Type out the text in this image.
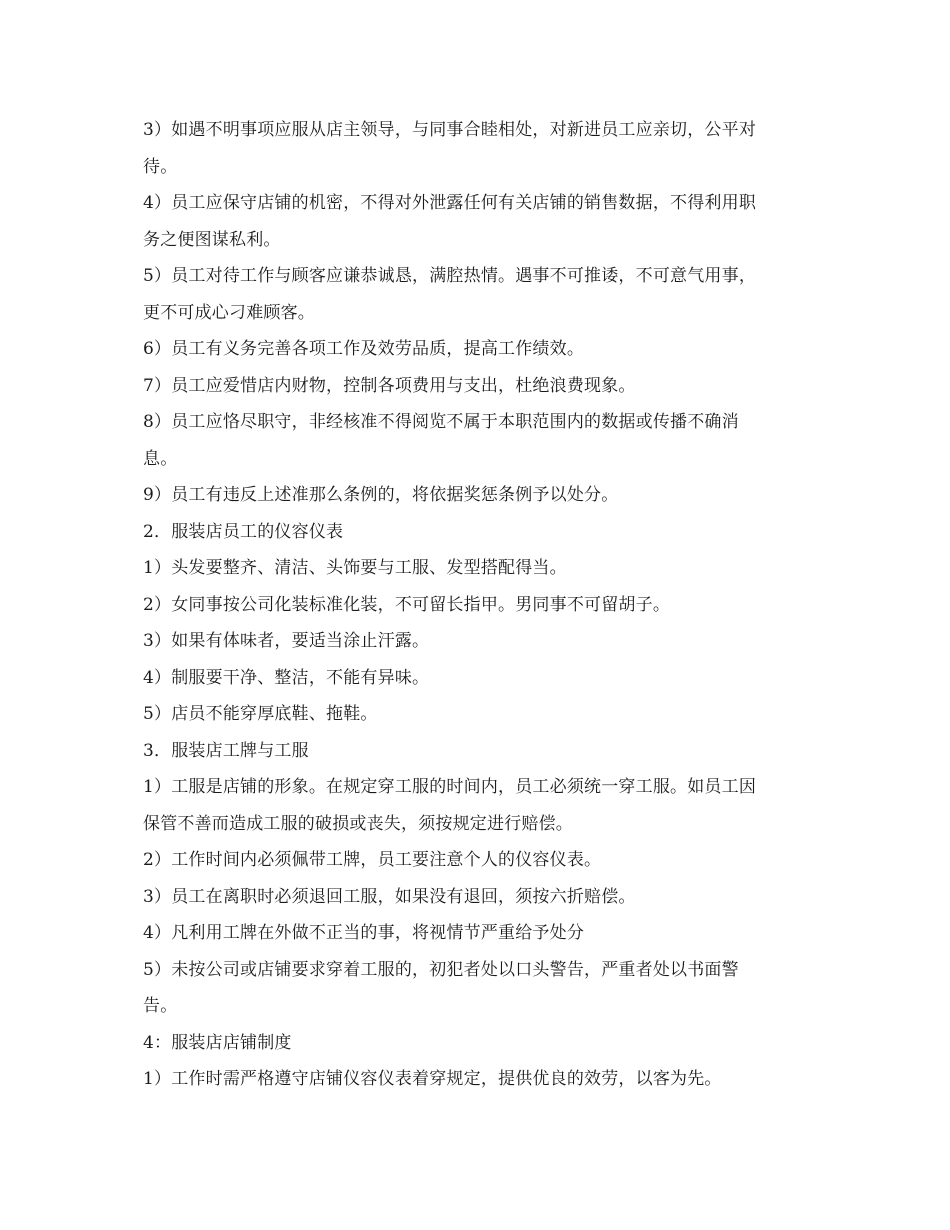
3）如遇不明事项应服从店主领导，与同事合睦相处，对新进员工应亲切，公平对
待。
4）员工应保守店铺的机密，不得对外泄露任何有关店铺的销售数据，不得利用职
务之便图谋私利。
5）员工对待工作与顾客应谦恭诚恳，满腔热情。遇事不可推诿，不可意气用事，
更不可成心刁难顾客。
6）员工有义务完善各项工作及效劳品质，提高工作绩效。
7）员工应爱惜店内财物，控制各项费用与支出，杜绝浪费现象。
8）员工应恪尽职守，非经核准不得阅览不属于本职范围内的数据或传播不确消
息。
9）员工有违反上述准那么条例的，将依据奖惩条例予以处分。
2．服装店员工的仪容仪表
1）头发要整齐、清洁、头饰要与工服、发型搭配得当。
2）女同事按公司化装标准化装，不可留长指甲。男同事不可留胡子。
3）如果有体味者，要适当涂止汗露。
4）制服要干净、整洁，不能有异味。
5）店员不能穿厚底鞋、拖鞋。
3．服装店工牌与工服
1）工服是店铺的形象。在规定穿工服的时间内，员工必须统一穿工服。如员工因
保管不善而造成工服的破损或丧失，须按规定进行赔偿。
2）工作时间内必须佩带工牌，员工要注意个人的仪容仪表。
3）员工在离职时必须退回工服，如果没有退回，须按六折赔偿。
4）凡利用工牌在外做不正当的事，将视情节严重给予处分
5）未按公司或店铺要求穿着工服的，初犯者处以口头警告，严重者处以书面警
告。
4：服装店店铺制度
1）工作时需严格遵守店铺仪容仪表着穿规定，提供优良的效劳，以客为先。
